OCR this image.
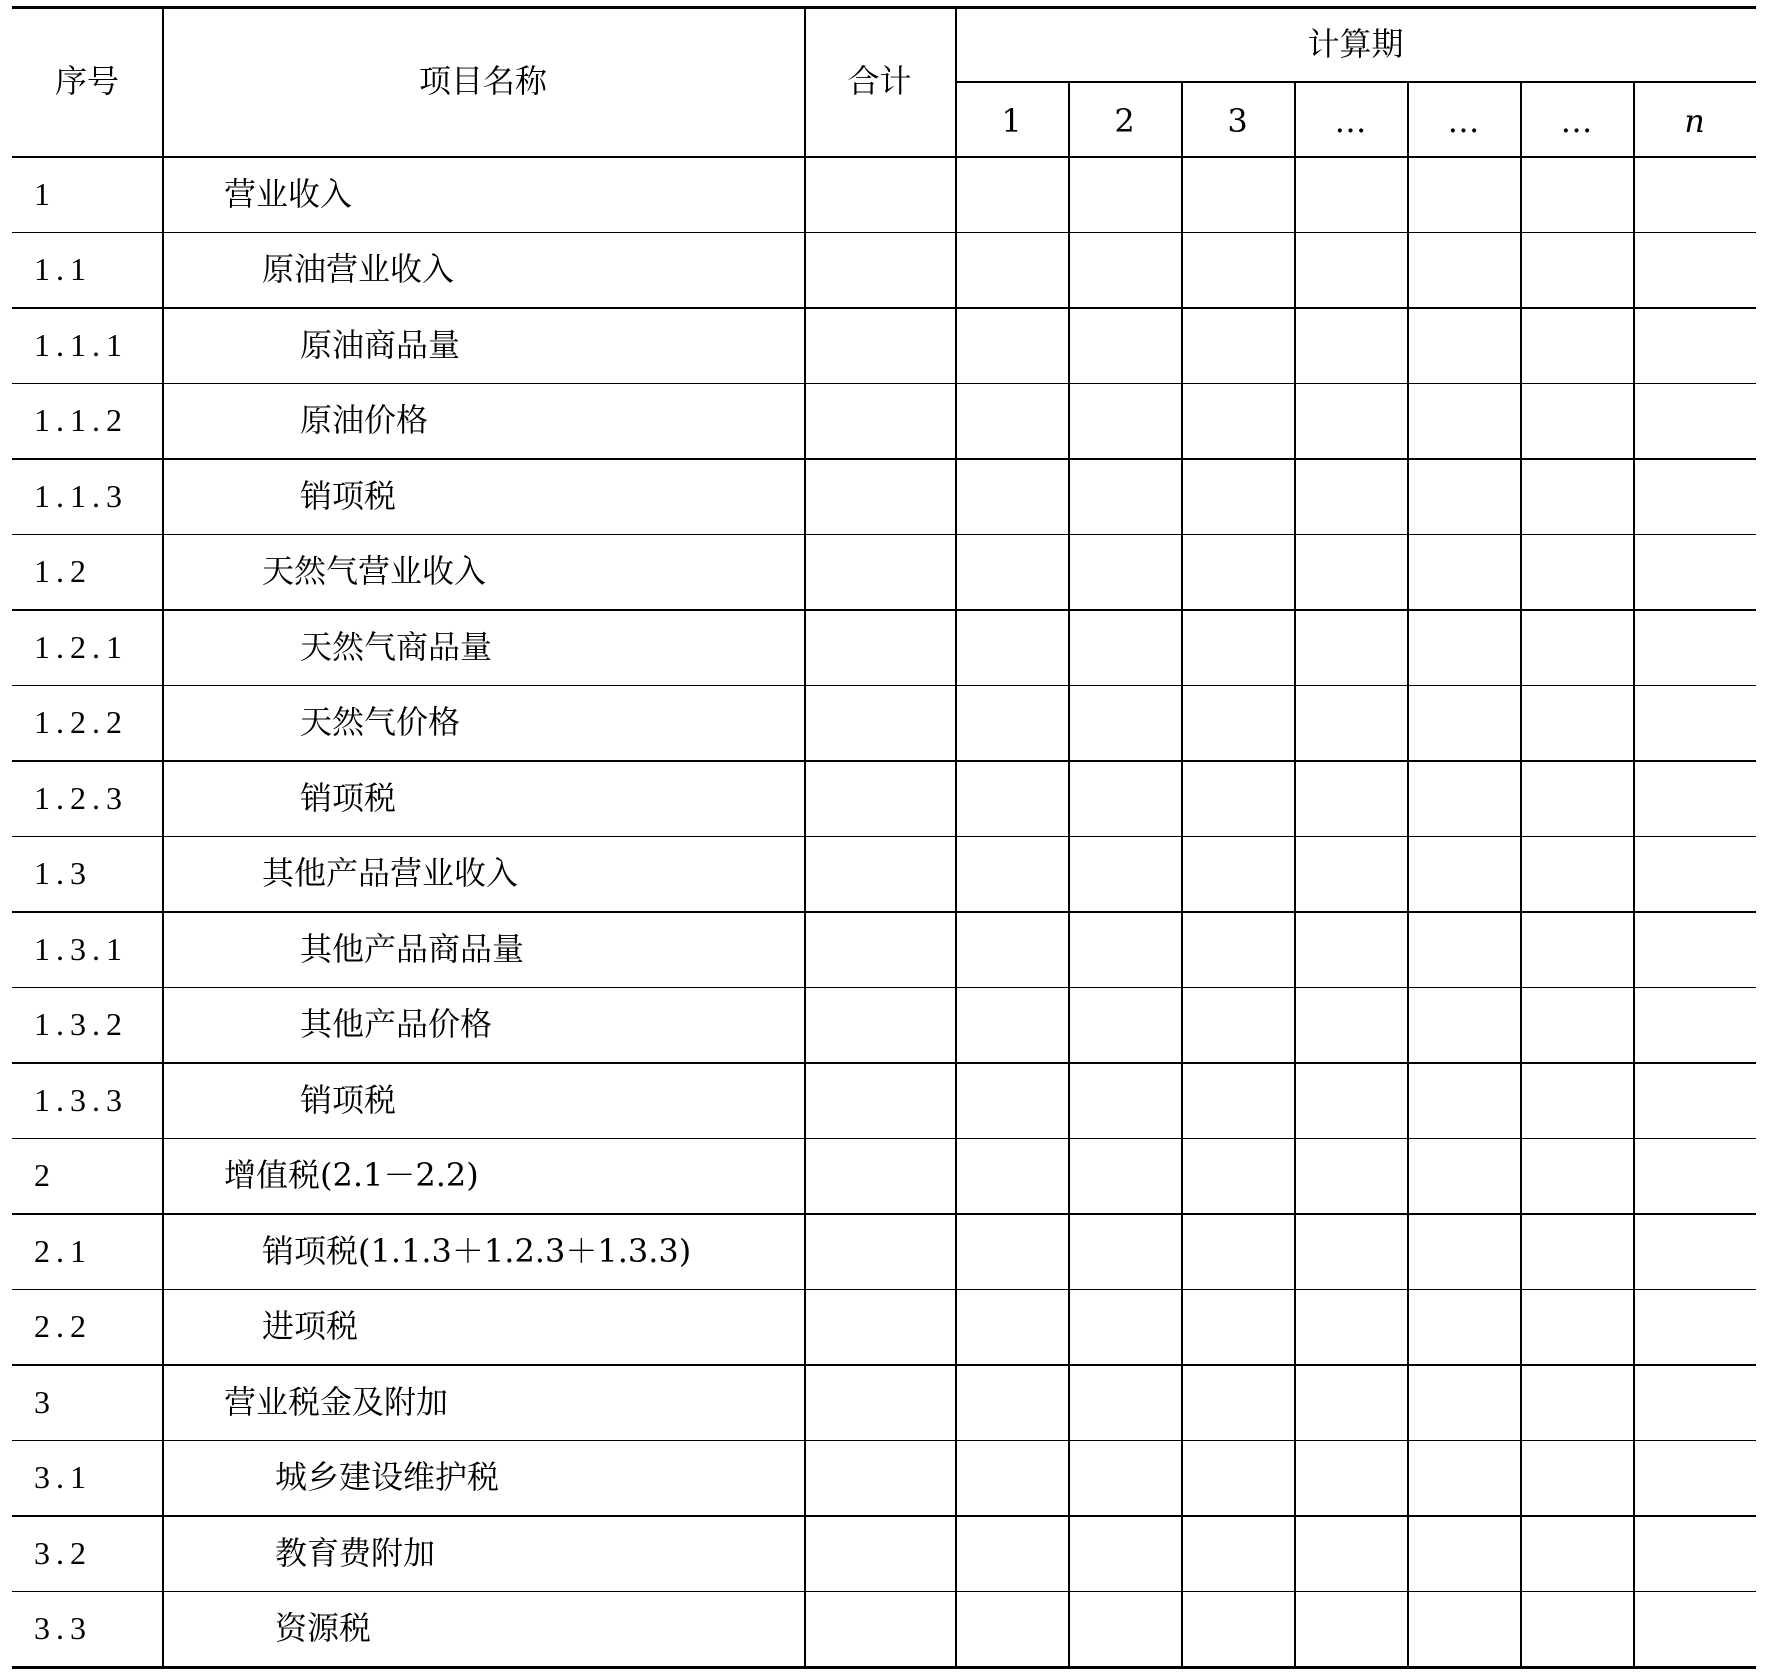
序号	项目名称	合计
计算期
1	2	3	…	…	…	n
1	营业收入
1.1	原油营业收入
1.1.1	原油商品量
1.1.2	原油价格
1.1.3	销项税
1.2	天然气营业收入
1.2.1	天然气商品量
1.2.2	天然气价格
1.2.3	销项税
1.3	其他产品营业收入
1.3.1	其他产品商品量
1.3.2	其他产品价格
1.3.3	销项税
2	增值税(2.1－2.2)
2.1	销项税(1.1.3＋1.2.3＋1.3.3)
2.2	进项税
3	营业税金及附加
3.1	城乡建设维护税
3.2	教育费附加
3.3	资源税
